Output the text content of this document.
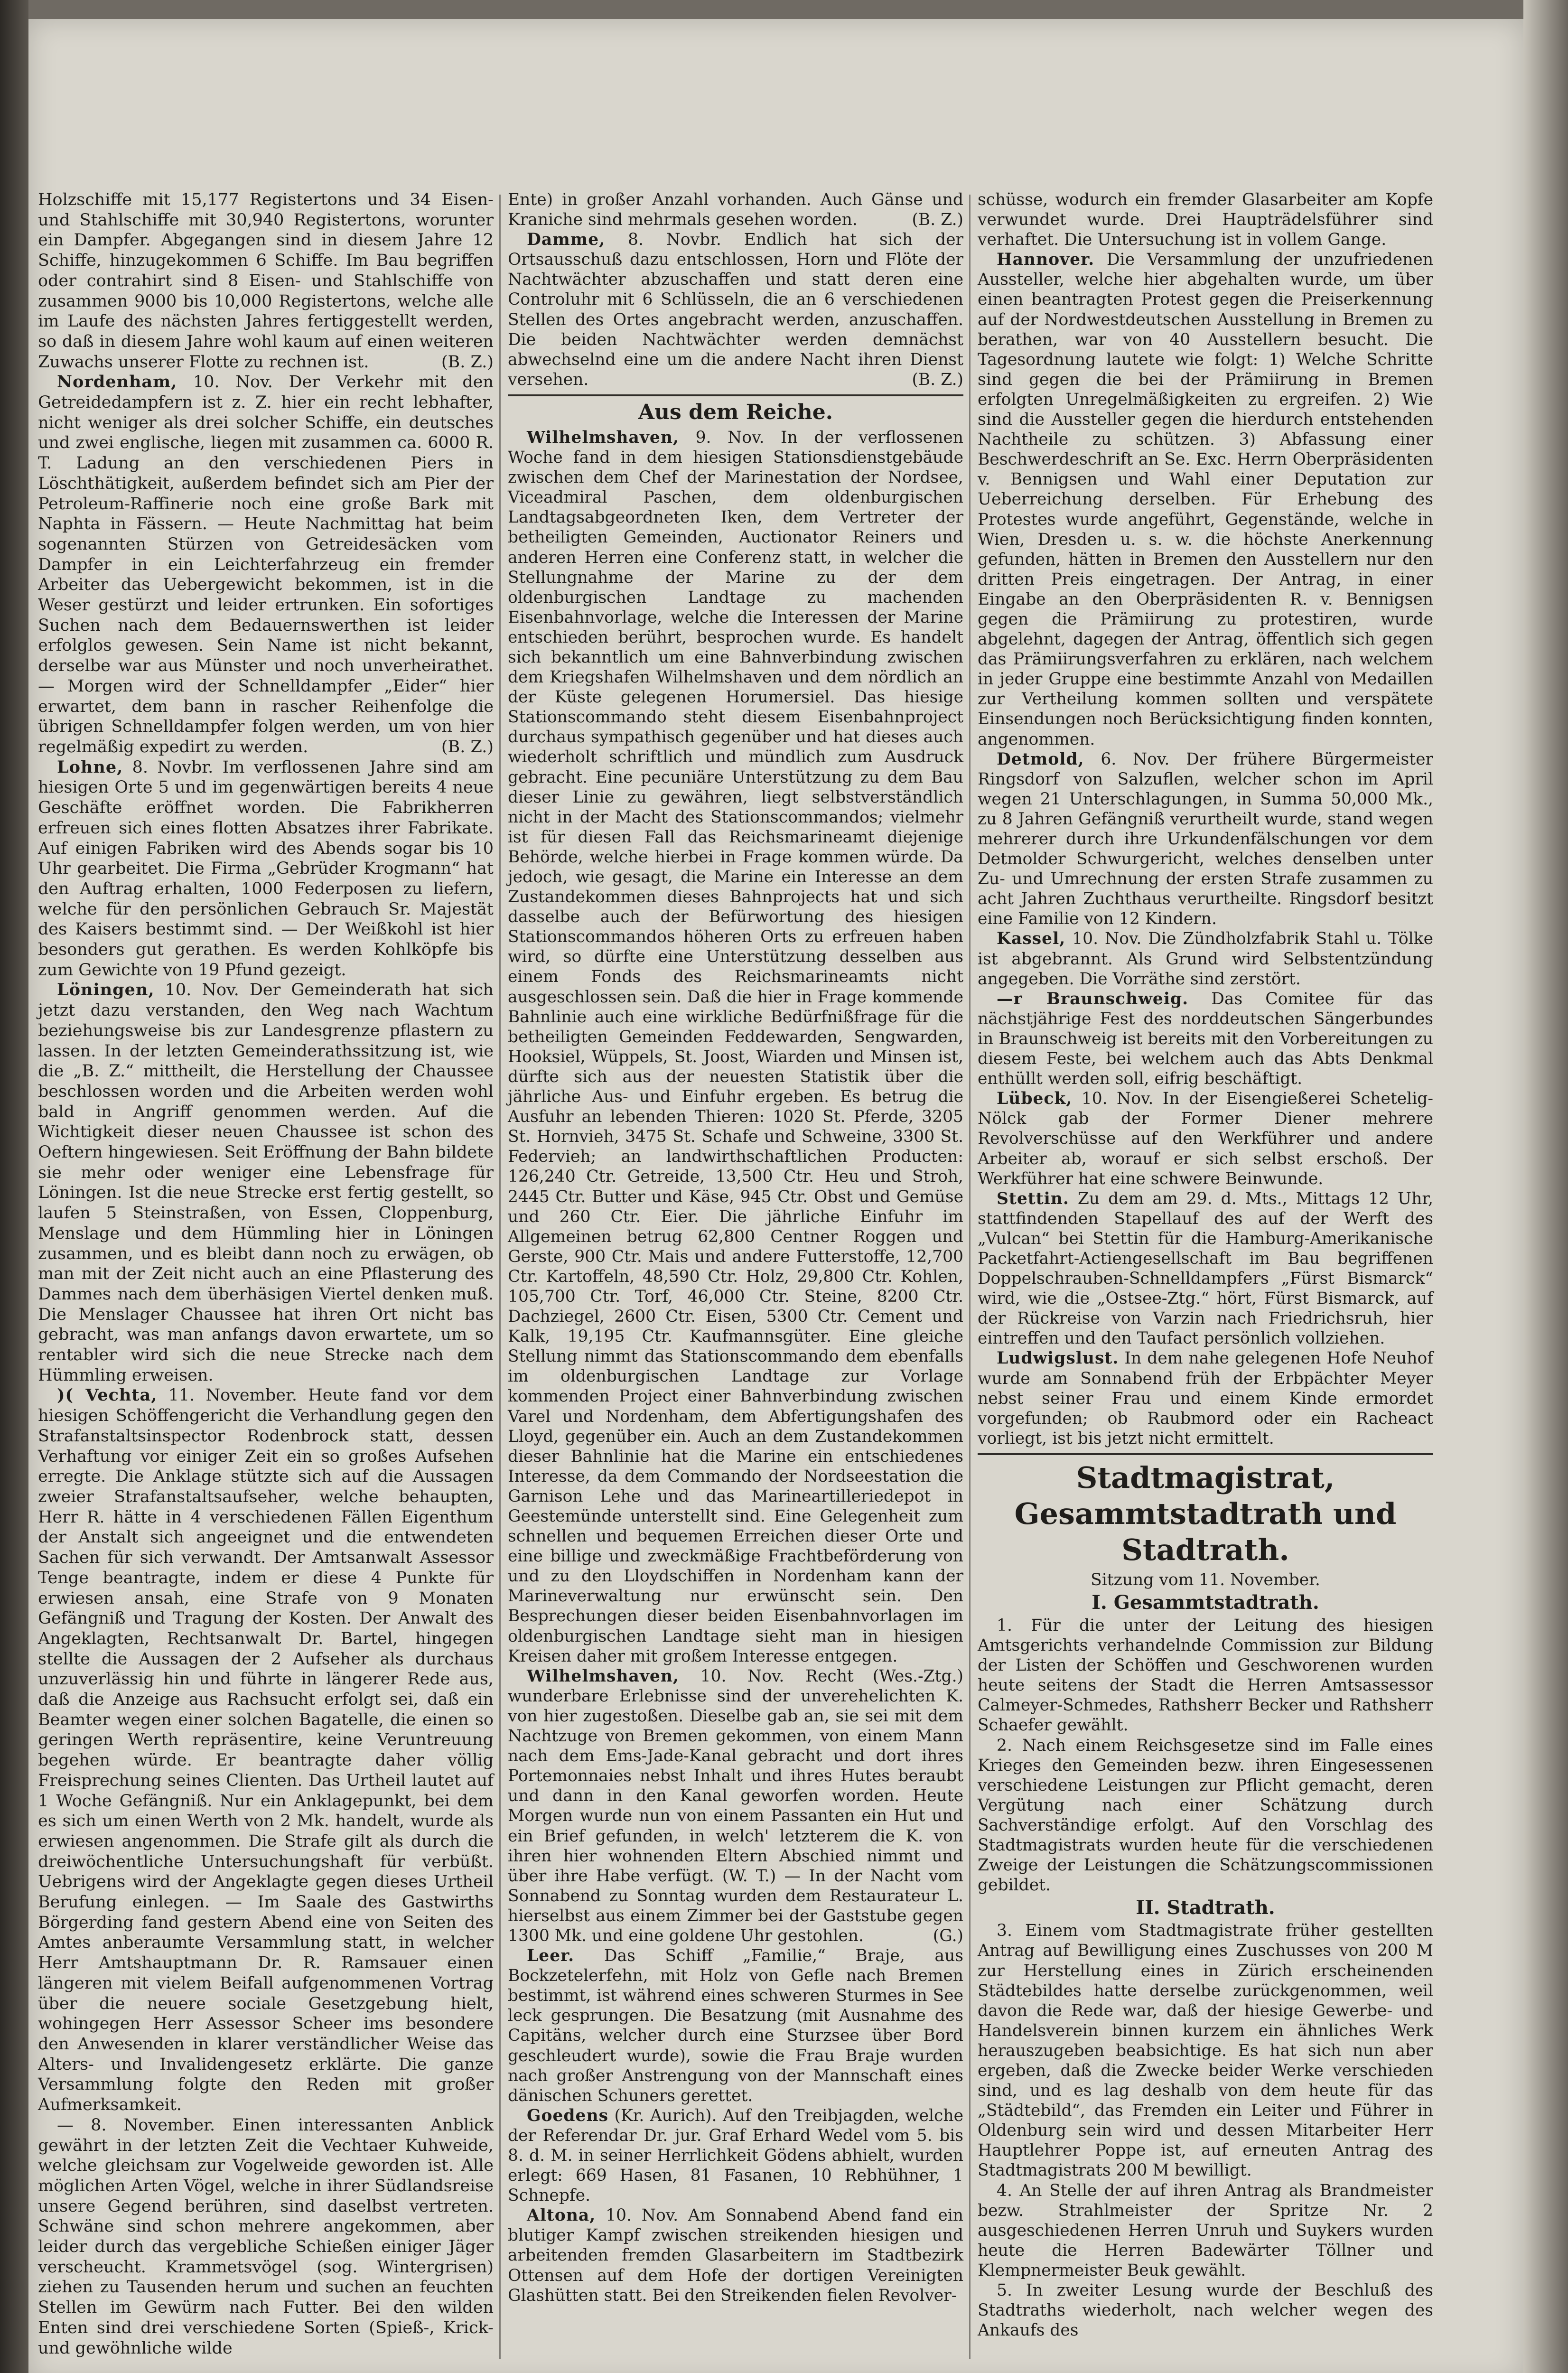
Holzschiffe mit 15,177 Registertons und 34 Eisen- und Stahlschiffe mit 30,940 Registertons, worunter ein Dampfer. Abgegangen sind in diesem Jahre 12 Schiffe, hinzugekommen 6 Schiffe. Im Bau begriffen oder contrahirt sind 8 Eisen- und Stahlschiffe von zusammen 9000 bis 10,000 Registertons, welche alle im Laufe des nächsten Jahres fertiggestellt werden, so daß in diesem Jahre wohl kaum auf einen weiteren Zuwachs unserer Flotte zu rechnen ist.	(B. Z.)

Nordenham, 10. Nov. Der Verkehr mit den Getreidedampfern ist z. Z. hier ein recht lebhafter, nicht weniger als drei solcher Schiffe, ein deutsches und zwei englische, liegen mit zusammen ca. 6000 R. T. Ladung an den verschiedenen Piers in Löschthätigkeit, außerdem befindet sich am Pier der Petroleum-Raffinerie noch eine große Bark mit Naphta in Fässern. — Heute Nachmittag hat beim sogenannten Stürzen von Getreidesäcken vom Dampfer in ein Leichterfahrzeug ein fremder Arbeiter das Uebergewicht bekommen, ist in die Weser gestürzt und leider ertrunken. Ein sofortiges Suchen nach dem Bedauernswerthen ist leider erfolglos gewesen. Sein Name ist nicht bekannt, derselbe war aus Münster und noch unverheirathet. — Morgen wird der Schnelldampfer „Eider“ hier erwartet, dem bann in rascher Reihenfolge die übrigen Schnelldampfer folgen werden, um von hier regelmäßig expedirt zu werden.	(B. Z.)

Lohne, 8. Novbr. Im verflossenen Jahre sind am hiesigen Orte 5 und im gegenwärtigen bereits 4 neue Geschäfte eröffnet worden. Die Fabrikherren erfreuen sich eines flotten Absatzes ihrer Fabrikate. Auf einigen Fabriken wird des Abends sogar bis 10 Uhr gearbeitet. Die Firma „Gebrüder Krogmann“ hat den Auftrag erhalten, 1000 Federposen zu liefern, welche für den persönlichen Gebrauch Sr. Majestät des Kaisers bestimmt sind. — Der Weißkohl ist hier besonders gut gerathen. Es werden Kohlköpfe bis zum Gewichte von 19 Pfund gezeigt.

Löningen, 10. Nov. Der Gemeinderath hat sich jetzt dazu verstanden, den Weg nach Wachtum beziehungsweise bis zur Landesgrenze pflastern zu lassen. In der letzten Gemeinderathssitzung ist, wie die „B. Z.“ mittheilt, die Herstellung der Chaussee beschlossen worden und die Arbeiten werden wohl bald in Angriff genommen werden. Auf die Wichtigkeit dieser neuen Chaussee ist schon des Oeftern hingewiesen. Seit Eröffnung der Bahn bildete sie mehr oder weniger eine Lebensfrage für Löningen. Ist die neue Strecke erst fertig gestellt, so laufen 5 Steinstraßen, von Essen, Cloppenburg, Menslage und dem Hümmling hier in Löningen zusammen, und es bleibt dann noch zu erwägen, ob man mit der Zeit nicht auch an eine Pflasterung des Dammes nach dem überhäsigen Viertel denken muß. Die Menslager Chaussee hat ihren Ort nicht bas gebracht, was man anfangs davon erwartete, um so rentabler wird sich die neue Strecke nach dem Hümmling erweisen.

)( Vechta, 11. November. Heute fand vor dem hiesigen Schöffengericht die Verhandlung gegen den Strafanstaltsinspector Rodenbrock statt, dessen Verhaftung vor einiger Zeit ein so großes Aufsehen erregte. Die Anklage stützte sich auf die Aussagen zweier Strafanstaltsaufseher, welche behaupten, Herr R. hätte in 4 verschiedenen Fällen Eigenthum der Anstalt sich angeeignet und die entwendeten Sachen für sich verwandt. Der Amtsanwalt Assessor Tenge beantragte, indem er diese 4 Punkte für erwiesen ansah, eine Strafe von 9 Monaten Gefängniß und Tragung der Kosten. Der Anwalt des Angeklagten, Rechtsanwalt Dr. Bartel, hingegen stellte die Aussagen der 2 Aufseher als durchaus unzuverlässig hin und führte in längerer Rede aus, daß die Anzeige aus Rachsucht erfolgt sei, daß ein Beamter wegen einer solchen Bagatelle, die einen so geringen Werth repräsentire, keine Veruntreuung begehen würde. Er beantragte daher völlig Freisprechung seines Clienten. Das Urtheil lautet auf 1 Woche Gefängniß. Nur ein Anklagepunkt, bei dem es sich um einen Werth von 2 Mk. handelt, wurde als erwiesen angenommen. Die Strafe gilt als durch die dreiwöchentliche Untersuchungshaft für verbüßt. Uebrigens wird der Angeklagte gegen dieses Urtheil Berufung einlegen. — Im Saale des Gastwirths Börgerding fand gestern Abend eine von Seiten des Amtes anberaumte Versammlung statt, in welcher Herr Amtshauptmann Dr. R. Ramsauer einen längeren mit vielem Beifall aufgenommenen Vortrag über die neuere sociale Gesetzgebung hielt, wohingegen Herr Assessor Scheer ims besondere den Anwesenden in klarer verständlicher Weise das Alters- und Invalidengesetz erklärte. Die ganze Versammlung folgte den Reden mit großer Aufmerksamkeit.

— 8. November. Einen interessanten Anblick gewährt in der letzten Zeit die Vechtaer Kuhweide, welche gleichsam zur Vogelweide geworden ist. Alle möglichen Arten Vögel, welche in ihrer Südlandsreise unsere Gegend berühren, sind daselbst vertreten. Schwäne sind schon mehrere angekommen, aber leider durch das vergebliche Schießen einiger Jäger verscheucht. Krammetsvögel (sog. Wintergrisen) ziehen zu Tausenden herum und suchen an feuchten Stellen im Gewürm nach Futter. Bei den wilden Enten sind drei verschiedene Sorten (Spieß-, Krick- und gewöhnliche wilde

Ente) in großer Anzahl vorhanden. Auch Gänse und Kraniche sind mehrmals gesehen worden.	(B. Z.)

Damme, 8. Novbr. Endlich hat sich der Ortsausschuß dazu entschlossen, Horn und Flöte der Nachtwächter abzuschaffen und statt deren eine Controluhr mit 6 Schlüsseln, die an 6 verschiedenen Stellen des Ortes angebracht werden, anzuschaffen. Die beiden Nachtwächter werden demnächst abwechselnd eine um die andere Nacht ihren Dienst versehen.	(B. Z.)

Aus dem Reiche.

Wilhelmshaven, 9. Nov. In der verflossenen Woche fand in dem hiesigen Stationsdienstgebäude zwischen dem Chef der Marinestation der Nordsee, Viceadmiral Paschen, dem oldenburgischen Landtagsabgeordneten Iken, dem Vertreter der betheiligten Gemeinden, Auctionator Reiners und anderen Herren eine Conferenz statt, in welcher die Stellungnahme der Marine zu der dem oldenburgischen Landtage zu machenden Eisenbahnvorlage, welche die Interessen der Marine entschieden berührt, besprochen wurde. Es handelt sich bekanntlich um eine Bahnverbindung zwischen dem Kriegshafen Wilhelmshaven und dem nördlich an der Küste gelegenen Horumersiel. Das hiesige Stationscommando steht diesem Eisenbahnproject durchaus sympathisch gegenüber und hat dieses auch wiederholt schriftlich und mündlich zum Ausdruck gebracht. Eine pecuniäre Unterstützung zu dem Bau dieser Linie zu gewähren, liegt selbstverständlich nicht in der Macht des Stationscommandos; vielmehr ist für diesen Fall das Reichsmarineamt diejenige Behörde, welche hierbei in Frage kommen würde. Da jedoch, wie gesagt, die Marine ein Interesse an dem Zustandekommen dieses Bahnprojects hat und sich dasselbe auch der Befürwortung des hiesigen Stationscommandos höheren Orts zu erfreuen haben wird, so dürfte eine Unterstützung desselben aus einem Fonds des Reichsmarineamts nicht ausgeschlossen sein. Daß die hier in Frage kommende Bahnlinie auch eine wirkliche Bedürfnißfrage für die betheiligten Gemeinden Feddewarden, Sengwarden, Hooksiel, Wüppels, St. Joost, Wiarden und Minsen ist, dürfte sich aus der neuesten Statistik über die jährliche Aus- und Einfuhr ergeben. Es betrug die Ausfuhr an lebenden Thieren: 1020 St. Pferde, 3205 St. Hornvieh, 3475 St. Schafe und Schweine, 3300 St. Federvieh; an landwirthschaftlichen Producten: 126,240 Ctr. Getreide, 13,500 Ctr. Heu und Stroh, 2445 Ctr. Butter und Käse, 945 Ctr. Obst und Gemüse und 260 Ctr. Eier. Die jährliche Einfuhr im Allgemeinen betrug 62,800 Centner Roggen und Gerste, 900 Ctr. Mais und andere Futterstoffe, 12,700 Ctr. Kartoffeln, 48,590 Ctr. Holz, 29,800 Ctr. Kohlen, 105,700 Ctr. Torf, 46,000 Ctr. Steine, 8200 Ctr. Dachziegel, 2600 Ctr. Eisen, 5300 Ctr. Cement und Kalk, 19,195 Ctr. Kaufmannsgüter. Eine gleiche Stellung nimmt das Stationscommando dem ebenfalls im oldenburgischen Landtage zur Vorlage kommenden Project einer Bahnverbindung zwischen Varel und Nordenham, dem Abfertigungshafen des Lloyd, gegenüber ein. Auch an dem Zustandekommen dieser Bahnlinie hat die Marine ein entschiedenes Interesse, da dem Commando der Nordseestation die Garnison Lehe und das Marineartilleriedepot in Geestemünde unterstellt sind. Eine Gelegenheit zum schnellen und bequemen Erreichen dieser Orte und eine billige und zweckmäßige Frachtbeförderung von und zu den Lloydschiffen in Nordenham kann der Marineverwaltung nur erwünscht sein. Den Besprechungen dieser beiden Eisenbahnvorlagen im oldenburgischen Landtage sieht man in hiesigen Kreisen daher mit großem Interesse entgegen.
(Wes.-Ztg.)

Wilhelmshaven, 10. Nov. Recht wunderbare Erlebnisse sind der unverehelichten K. von hier zugestoßen. Dieselbe gab an, sie sei mit dem Nachtzuge von Bremen gekommen, von einem Mann nach dem Ems-Jade-Kanal gebracht und dort ihres Portemonnaies nebst Inhalt und ihres Hutes beraubt und dann in den Kanal geworfen worden. Heute Morgen wurde nun von einem Passanten ein Hut und ein Brief gefunden, in welch' letzterem die K. von ihren hier wohnenden Eltern Abschied nimmt und über ihre Habe verfügt. (W. T.) — In der Nacht vom Sonnabend zu Sonntag wurden dem Restaurateur L. hierselbst aus einem Zimmer bei der Gaststube gegen 1300 Mk. und eine goldene Uhr gestohlen.	(G.)

Leer. Das Schiff „Familie,“ Braje, aus Bockzetelerfehn, mit Holz von Gefle nach Bremen bestimmt, ist während eines schweren Sturmes in See leck gesprungen. Die Besatzung (mit Ausnahme des Capitäns, welcher durch eine Sturzsee über Bord geschleudert wurde), sowie die Frau Braje wurden nach großer Anstrengung von der Mannschaft eines dänischen Schuners gerettet.

Goedens (Kr. Aurich). Auf den Treibjagden, welche der Referendar Dr. jur. Graf Erhard Wedel vom 5. bis 8. d. M. in seiner Herrlichkeit Gödens abhielt, wurden erlegt: 669 Hasen, 81 Fasanen, 10 Rebhühner, 1 Schnepfe.

Altona, 10. Nov. Am Sonnabend Abend fand ein blutiger Kampf zwischen streikenden hiesigen und arbeitenden fremden Glasarbeitern im Stadtbezirk Ottensen auf dem Hofe der dortigen Vereinigten Glashütten statt. Bei den Streikenden fielen Revolver-

schüsse, wodurch ein fremder Glasarbeiter am Kopfe verwundet wurde. Drei Haupträdelsführer sind verhaftet. Die Untersuchung ist in vollem Gange.

Hannover. Die Versammlung der unzufriedenen Aussteller, welche hier abgehalten wurde, um über einen beantragten Protest gegen die Preiserkennung auf der Nordwestdeutschen Ausstellung in Bremen zu berathen, war von 40 Ausstellern besucht. Die Tagesordnung lautete wie folgt: 1) Welche Schritte sind gegen die bei der Prämiirung in Bremen erfolgten Unregelmäßigkeiten zu ergreifen. 2) Wie sind die Aussteller gegen die hierdurch entstehenden Nachtheile zu schützen. 3) Abfassung einer Beschwerdeschrift an Se. Exc. Herrn Oberpräsidenten v. Bennigsen und Wahl einer Deputation zur Ueberreichung derselben. Für Erhebung des Protestes wurde angeführt, Gegenstände, welche in Wien, Dresden u. s. w. die höchste Anerkennung gefunden, hätten in Bremen den Ausstellern nur den dritten Preis eingetragen. Der Antrag, in einer Eingabe an den Oberpräsidenten R. v. Bennigsen gegen die Prämiirung zu protestiren, wurde abgelehnt, dagegen der Antrag, öffentlich sich gegen das Prämiirungsverfahren zu erklären, nach welchem in jeder Gruppe eine bestimmte Anzahl von Medaillen zur Vertheilung kommen sollten und verspätete Einsendungen noch Berücksichtigung finden konnten, angenommen.

Detmold, 6. Nov. Der frühere Bürgermeister Ringsdorf von Salzuflen, welcher schon im April wegen 21 Unterschlagungen, in Summa 50,000 Mk., zu 8 Jahren Gefängniß verurtheilt wurde, stand wegen mehrerer durch ihre Urkundenfälschungen vor dem Detmolder Schwurgericht, welches denselben unter Zu- und Umrechnung der ersten Strafe zusammen zu acht Jahren Zuchthaus verurtheilte. Ringsdorf besitzt eine Familie von 12 Kindern.

Kassel, 10. Nov. Die Zündholzfabrik Stahl u. Tölke ist abgebrannt. Als Grund wird Selbstentzündung angegeben. Die Vorräthe sind zerstört.

—r Braunschweig. Das Comitee für das nächstjährige Fest des norddeutschen Sängerbundes in Braunschweig ist bereits mit den Vorbereitungen zu diesem Feste, bei welchem auch das Abts Denkmal enthüllt werden soll, eifrig beschäftigt.

Lübeck, 10. Nov. In der Eisengießerei Schetelig-Nölck gab der Former Diener mehrere Revolverschüsse auf den Werkführer und andere Arbeiter ab, worauf er sich selbst erschoß. Der Werkführer hat eine schwere Beinwunde.

Stettin. Zu dem am 29. d. Mts., Mittags 12 Uhr, stattfindenden Stapellauf des auf der Werft des „Vulcan“ bei Stettin für die Hamburg-Amerikanische Packetfahrt-Actiengesellschaft im Bau begriffenen Doppelschrauben-Schnelldampfers „Fürst Bismarck“ wird, wie die „Ostsee-Ztg.“ hört, Fürst Bismarck, auf der Rückreise von Varzin nach Friedrichsruh, hier eintreffen und den Taufact persönlich vollziehen.

Ludwigslust. In dem nahe gelegenen Hofe Neuhof wurde am Sonnabend früh der Erbpächter Meyer nebst seiner Frau und einem Kinde ermordet vorgefunden; ob Raubmord oder ein Racheact vorliegt, ist bis jetzt nicht ermittelt.

Stadtmagistrat, Gesammtstadtrath und Stadtrath.

Sitzung vom 11. November.

I. Gesammtstadtrath.

1. Für die unter der Leitung des hiesigen Amtsgerichts verhandelnde Commission zur Bildung der Listen der Schöffen und Geschworenen wurden heute seitens der Stadt die Herren Amtsassessor Calmeyer-Schmedes, Rathsherr Becker und Rathsherr Schaefer gewählt.

2. Nach einem Reichsgesetze sind im Falle eines Krieges den Gemeinden bezw. ihren Eingesessenen verschiedene Leistungen zur Pflicht gemacht, deren Vergütung nach einer Schätzung durch Sachverständige erfolgt. Auf den Vorschlag des Stadtmagistrats wurden heute für die verschiedenen Zweige der Leistungen die Schätzungscommissionen gebildet.

II. Stadtrath.

3. Einem vom Stadtmagistrate früher gestellten Antrag auf Bewilligung eines Zuschusses von 200 M zur Herstellung eines in Zürich erscheinenden Städtebildes hatte derselbe zurückgenommen, weil davon die Rede war, daß der hiesige Gewerbe- und Handelsverein binnen kurzem ein ähnliches Werk herauszugeben beabsichtige. Es hat sich nun aber ergeben, daß die Zwecke beider Werke verschieden sind, und es lag deshalb von dem heute für das „Städtebild“, das Fremden ein Leiter und Führer in Oldenburg sein wird und dessen Mitarbeiter Herr Hauptlehrer Poppe ist, auf erneuten Antrag des Stadtmagistrats 200 M bewilligt.

4. An Stelle der auf ihren Antrag als Brandmeister bezw. Strahlmeister der Spritze Nr. 2 ausgeschiedenen Herren Unruh und Suykers wurden heute die Herren Badewärter Töllner und Klempnermeister Beuk gewählt.

5. In zweiter Lesung wurde der Beschluß des Stadtraths wiederholt, nach welcher wegen des Ankaufs des
